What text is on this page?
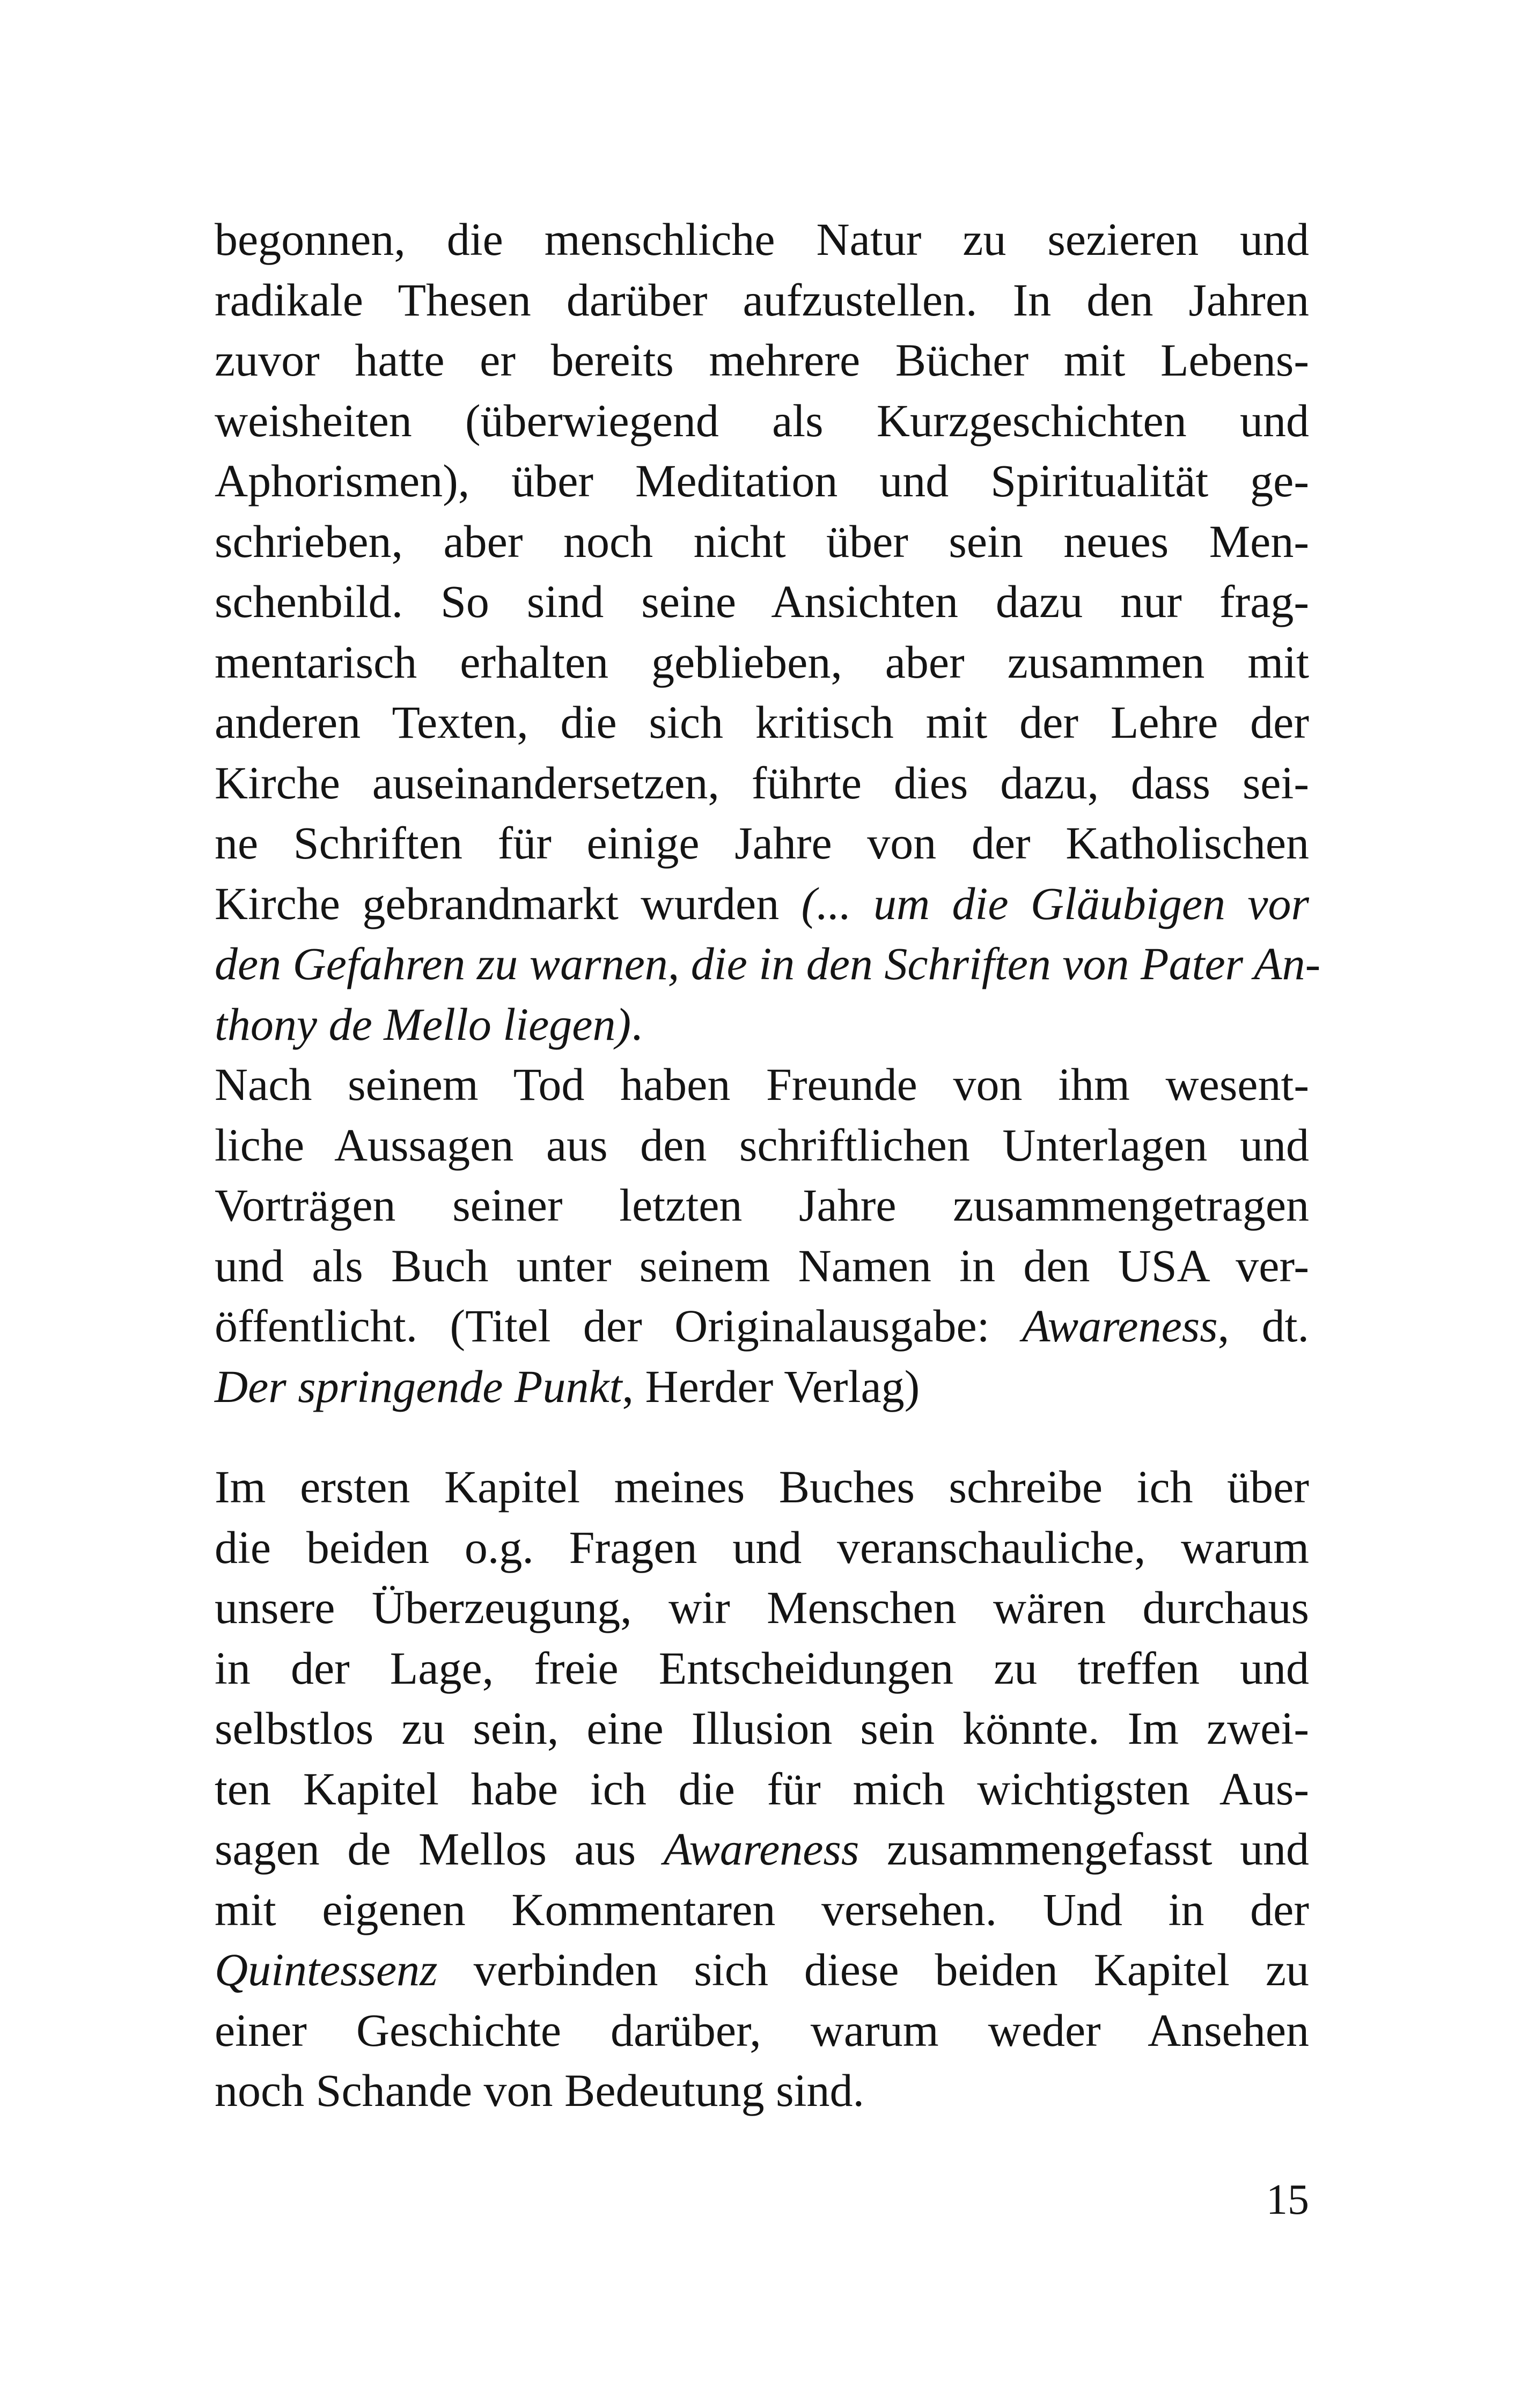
begonnen, die menschliche Natur zu sezieren und
radikale Thesen darüber aufzustellen. In den Jahren
zuvor hatte er bereits mehrere Bücher mit Lebens-
weisheiten (überwiegend als Kurzgeschichten und
Aphorismen), über Meditation und Spiritualität ge-
schrieben, aber noch nicht über sein neues Men-
schenbild. So sind seine Ansichten dazu nur frag-
mentarisch erhalten geblieben, aber zusammen mit
anderen Texten, die sich kritisch mit der Lehre der
Kirche auseinandersetzen, führte dies dazu, dass sei-
ne Schriften für einige Jahre von der Katholischen
Kirche gebrandmarkt wurden (... um die Gläubigen vor
den Gefahren zu warnen, die in den Schriften von Pater An-
thony de Mello liegen).
Nach seinem Tod haben Freunde von ihm wesent-
liche Aussagen aus den schriftlichen Unterlagen und
Vorträgen seiner letzten Jahre zusammengetragen
und als Buch unter seinem Namen in den USA ver-
öffentlicht. (Titel der Originalausgabe: Awareness, dt.
Der springende Punkt, Herder Verlag)
Im ersten Kapitel meines Buches schreibe ich über
die beiden o.g. Fragen und veranschauliche, warum
unsere Überzeugung, wir Menschen wären durchaus
in der Lage, freie Entscheidungen zu treffen und
selbstlos zu sein, eine Illusion sein könnte. Im zwei-
ten Kapitel habe ich die für mich wichtigsten Aus-
sagen de Mellos aus Awareness zusammengefasst und
mit eigenen Kommentaren versehen. Und in der
Quintessenz verbinden sich diese beiden Kapitel zu
einer Geschichte darüber, warum weder Ansehen
noch Schande von Bedeutung sind.
15
